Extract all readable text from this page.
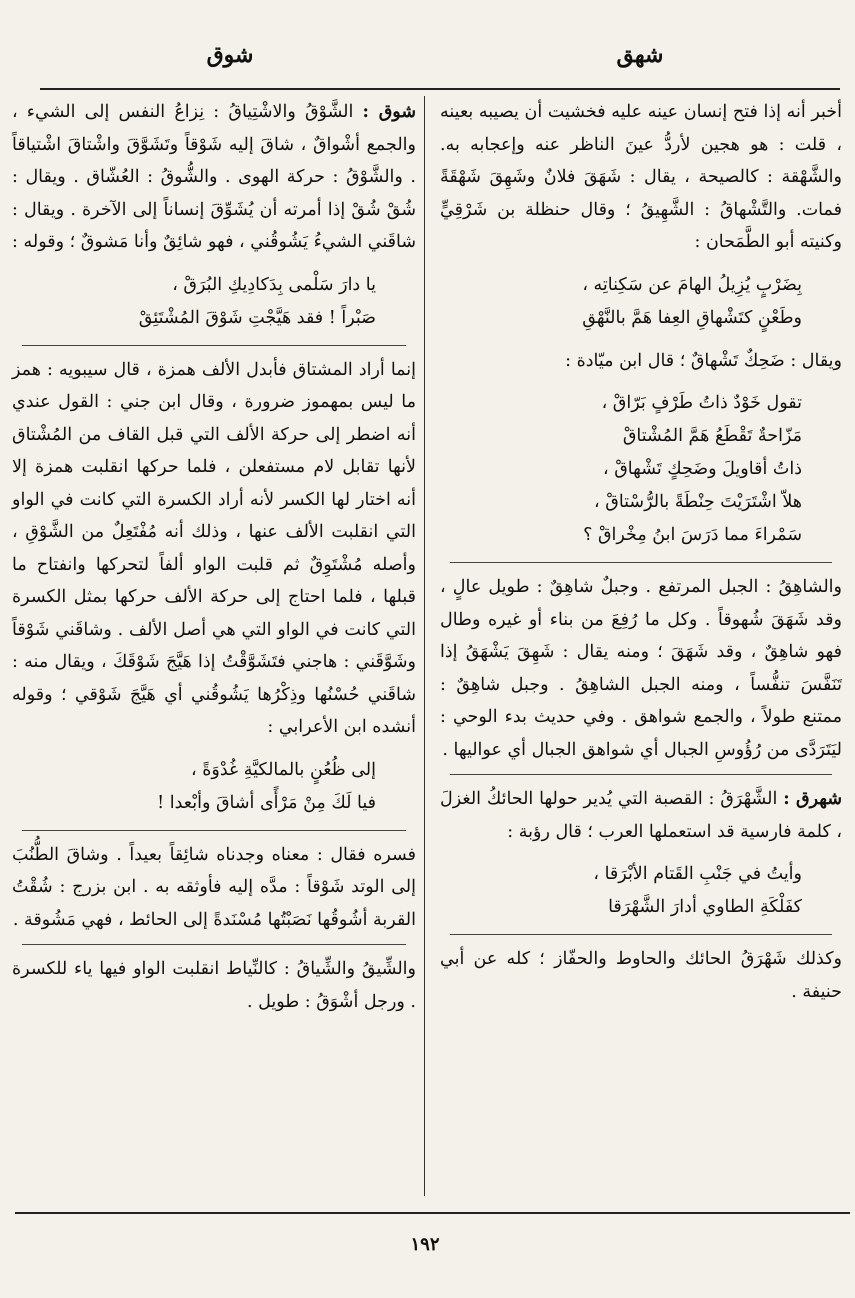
شهق
شوق

أخبر أنه إذا فتح إنسان عينه عليه فخشيت أن يصيبه بعينه ، قلت : هو هجين لأردُّ عينَ الناظر عنه وإعجابه به. والشَّهْقة : كالصيحة ، يقال : شَهَقَ فلانٌ وشَهِقَ شَهْقَةً فمات. والتَّشْهاقُ : الشَّهِيقُ ؛ وقال حنظلة بن شَرْقِيٍّ وكنيته أبو الطَّمَحان :

بِضَرْبٍ يُزِيلُ الهامَ عن سَكِناتِه ،
وطَعْنٍ كتَشْهاقِ العِفا هَمَّ بالنَّهْقِ

ويقال : ضَحِكٌ تَشْهاقٌ ؛ قال ابن ميّادة :

تقول خَوْدٌ ذاتُ طَرْفٍ بَرّاقْ ،
مَزّاحةٌ تَقْطَعُ هَمَّ المُشْتاقْ
ذاتُ أقاويلَ وضَحِكٍ تَشْهاقْ ،
هلاّ اشْتَرَيْتَ حِنْطَةً بالرُّسْتاقْ ،
سَمْراءَ مما دَرَسَ ابنُ مِخْراقْ ؟

والشاهِقُ : الجبل المرتفع . وجبلٌ شاهِقٌ : طويل عالٍ ، وقد شَهَقَ شُهوقاً . وكل ما رُفِعَ من بناء أو غيره وطال فهو شاهِقٌ ، وقد شَهَقَ ؛ ومنه يقال : شَهِقَ يَشْهَقُ إذا تَنَفَّسَ تنفُّساً ، ومنه الجبل الشاهِقُ . وجبل شاهِقٌ : ممتنع طولاً ، والجمع شواهق . وفي حديث بدء الوحي : ليَتَرَدَّى من رُؤُوسِ الجبال أي شواهق الجبال أي عواليها .

شهرق : الشَّهْرَقُ : القصبة التي يُدير حولها الحائكُ الغزلَ ، كلمة فارسية قد استعملها العرب ؛ قال رؤبة :

وأيتُ في جَنْبِ القَتام الأبْرَقا ،
كفَلْكَةِ الطاوي أدارَ الشَّهْرَقا

وكذلك شَهْرَقُ الحائك والحاوط والحفّاز ؛ كله عن أبي حنيفة .

شوق : الشَّوْقُ والاشْتِياقُ : نِزاعُ النفس إلى الشيء ، والجمع أشْواقٌ ، شاقَ إليه شَوْقاً وتَشَوَّقَ واشْتاقَ اشْتياقاً . والشَّوْقُ : حركة الهوى . والشُّوقُ : العُشّاق . ويقال : شُقْ شُقْ إذا أمرته أن يُشَوِّقَ إنساناً إلى الآخرة . ويقال : شاقَني الشيءُ يَشُوقُني ، فهو شائِقٌ وأنا مَشوقٌ ؛ وقوله :

يا دارَ سَلْمى بِدَكادِيكِ البُرَقْ ،
صَبْراً ! فقد هَيَّجْتِ شَوْقَ المُشْتَئِقْ

إنما أراد المشتاق فأبدل الألف همزة ، قال سيبويه : همز ما ليس بمهموز ضرورة ، وقال ابن جني : القول عندي أنه اضطر إلى حركة الألف التي قبل القاف من المُشْتاق لأنها تقابل لام مستفعلن ، فلما حركها انقلبت همزة إلا أنه اختار لها الكسر لأنه أراد الكسرة التي كانت في الواو التي انقلبت الألف عنها ، وذلك أنه مُفْتَعِلٌ من الشَّوْقِ ، وأصله مُشْتَوِقٌ ثم قلبت الواو ألفاً لتحركها وانفتاح ما قبلها ، فلما احتاج إلى حركة الألف حركها بمثل الكسرة التي كانت في الواو التي هي أصل الألف . وشاقَني شَوْقاً وشَوَّقَني : هاجني فتَشَوَّقْتُ إذا هَيَّجَ شَوْقَكَ ، ويقال منه : شاقَني حُسْنُها وذِكْرُها يَشُوقُني أي هَيَّجَ شَوْقي ؛ وقوله أنشده ابن الأعرابي :

إلى ظُعُنٍ بالمالكيَّةِ غُدْوَةً ،
فيا لَكَ مِنْ مَرْأًى أشاقَ وأبْعدا !

فسره فقال : معناه وجدناه شائِقاً بعيداً . وشاقَ الطُّنُبَ إلى الوتد شَوْقاً : مدَّه إليه فأوثقه به . ابن بزرج : شُقْتُ القربة أشُوقُها نَصَبْتُها مُسْنَدةً إلى الحائط ، فهي مَشُوقة .

والشِّيقُ والشِّياقُ : كالنِّياط انقلبت الواو فيها ياء للكسرة . ورجل أشْوَقُ : طويل .

١٩٢
